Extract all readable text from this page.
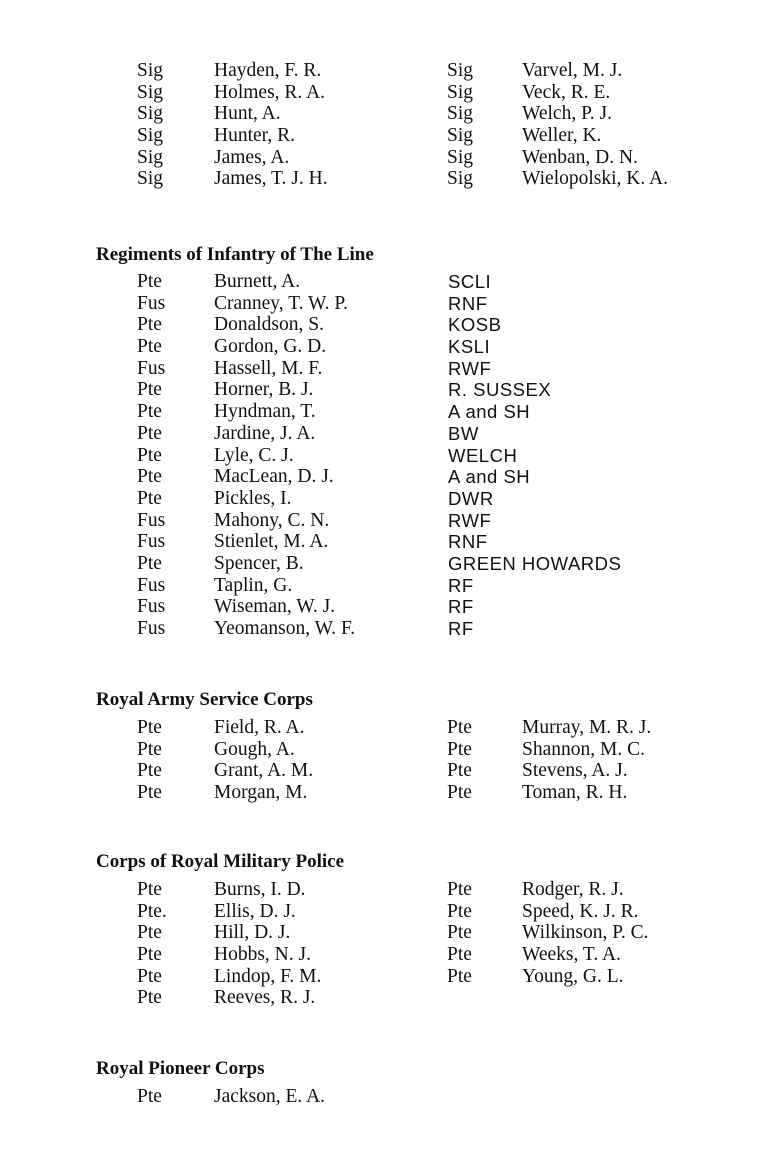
Sig	Hayden, F. R.	Sig	Varvel, M. J.
Sig	Holmes, R. A.	Sig	Veck, R. E.
Sig	Hunt, A.	Sig	Welch, P. J.
Sig	Hunter, R.	Sig	Weller, K.
Sig	James, A.	Sig	Wenban, D. N.
Sig	James, T. J. H.	Sig	Wielopolski, K. A.
Regiments of Infantry of The Line
Pte	Burnett, A.	SCLI
Fus	Cranney, T. W. P.	RNF
Pte	Donaldson, S.	KOSB
Pte	Gordon, G. D.	KSLI
Fus	Hassell, M. F.	RWF
Pte	Horner, B. J.	R. SUSSEX
Pte	Hyndman, T.	A and SH
Pte	Jardine, J. A.	BW
Pte	Lyle, C. J.	WELCH
Pte	MacLean, D. J.	A and SH
Pte	Pickles, I.	DWR
Fus	Mahony, C. N.	RWF
Fus	Stienlet, M. A.	RNF
Pte	Spencer, B.	GREEN HOWARDS
Fus	Taplin, G.	RF
Fus	Wiseman, W. J.	RF
Fus	Yeomanson, W. F.	RF
Royal Army Service Corps
Pte	Field, R. A.	Pte	Murray, M. R. J.
Pte	Gough, A.	Pte	Shannon, M. C.
Pte	Grant, A. M.	Pte	Stevens, A. J.
Pte	Morgan, M.	Pte	Toman, R. H.
Corps of Royal Military Police
Pte	Burns, I. D.	Pte	Rodger, R. J.
Pte. Ellis, D. J.	Pte	Speed, K. J. R.
Pte	Hill, D. J.	Pte	Wilkinson, P. C.
Pte	Hobbs, N. J.	Pte	Weeks, T. A.
Pte	Lindop, F. M.	Pte	Young, G. L.
Pte	Reeves, R. J.
Royal Pioneer Corps
Pte	Jackson, E. A.
